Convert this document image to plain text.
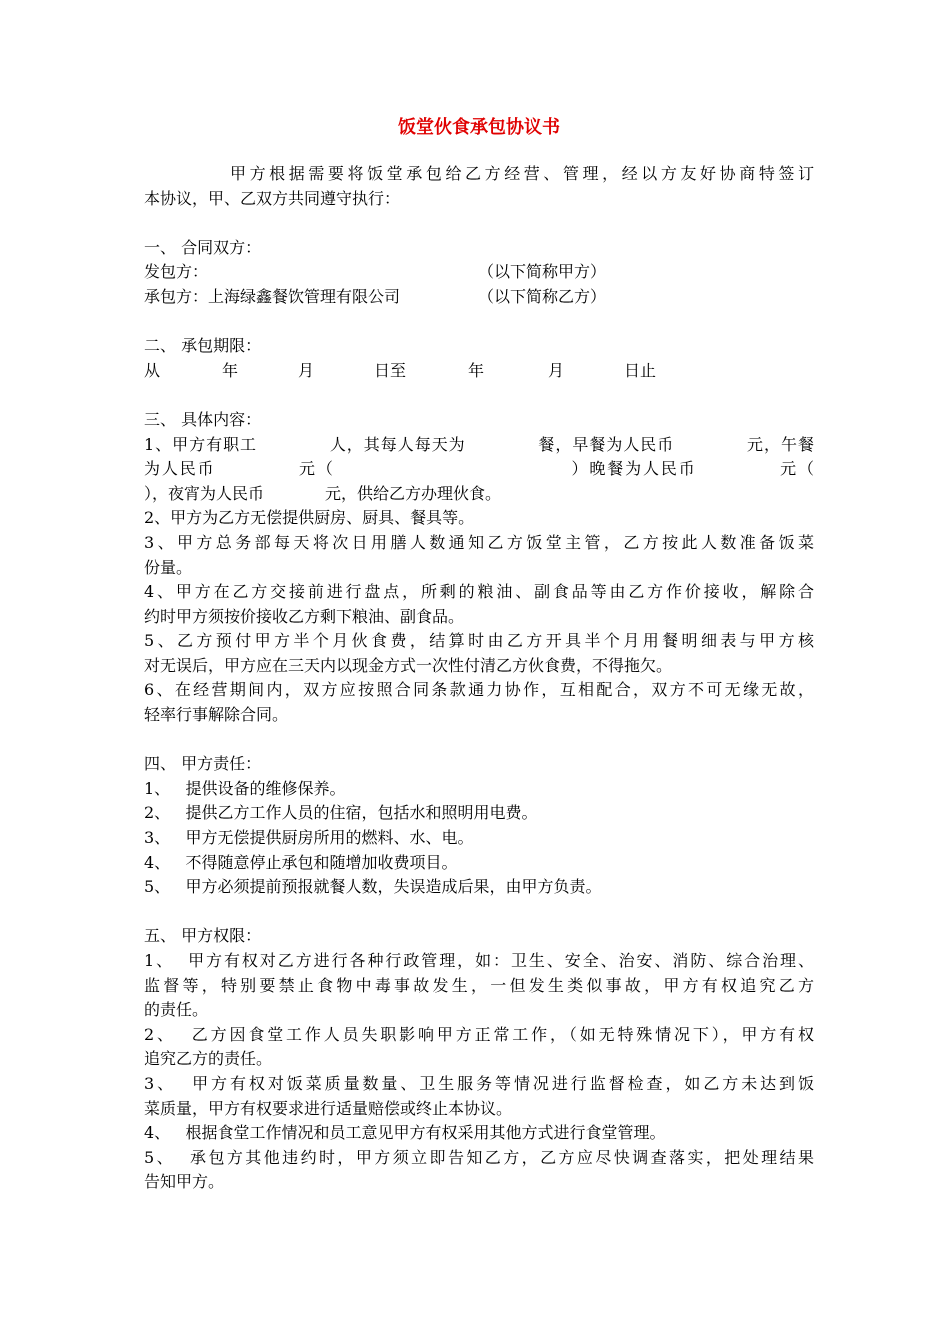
饭堂伙食承包协议书
甲方根据需要将饭堂承包给乙方经营、管理，经以方友好协商特签订
本协议，甲、乙双方共同遵守执行：
一、 合同双方：
发包方：	（以下简称甲方）
承包方：上海绿鑫餐饮管理有限公司	（以下简称乙方）
二、 承包期限：
从	年	月	日至	年	月	日止
三、 具体内容：
1、甲方有职工            人，其每人每天为            餐，早餐为人民币            元，午餐
为人民币            元（                                  ）晚餐为人民币            元（
），夜宵为人民币            元，供给乙方办理伙食。
2、甲方为乙方无偿提供厨房、厨具、餐具等。
3、甲方总务部每天将次日用膳人数通知乙方饭堂主管，乙方按此人数准备饭菜
份量。
4、甲方在乙方交接前进行盘点，所剩的粮油、副食品等由乙方作价接收，解除合
约时甲方须按价接收乙方剩下粮油、副食品。
5、乙方预付甲方半个月伙食费，结算时由乙方开具半个月用餐明细表与甲方核
对无误后，甲方应在三天内以现金方式一次性付清乙方伙食费，不得拖欠。
6、在经营期间内，双方应按照合同条款通力协作，互相配合，双方不可无缘无故，
轻率行事解除合同。
四、 甲方责任：
1、   提供设备的维修保养。
2、   提供乙方工作人员的住宿，包括水和照明用电费。
3、   甲方无偿提供厨房所用的燃料、水、电。
4、   不得随意停止承包和随增加收费项目。
5、   甲方必须提前预报就餐人数，失误造成后果，由甲方负责。
五、 甲方权限：
1、  甲方有权对乙方进行各种行政管理，如：卫生、安全、治安、消防、综合治理、
监督等，特别要禁止食物中毒事故发生，一但发生类似事故，甲方有权追究乙方
的责任。
2、  乙方因食堂工作人员失职影响甲方正常工作，（如无特殊情况下），甲方有权
追究乙方的责任。
3、  甲方有权对饭菜质量数量、卫生服务等情况进行监督检查，如乙方未达到饭
菜质量，甲方有权要求进行适量赔偿或终止本协议。
4、   根据食堂工作情况和员工意见甲方有权采用其他方式进行食堂管理。
5、  承包方其他违约时，甲方须立即告知乙方，乙方应尽快调查落实，把处理结果
告知甲方。
